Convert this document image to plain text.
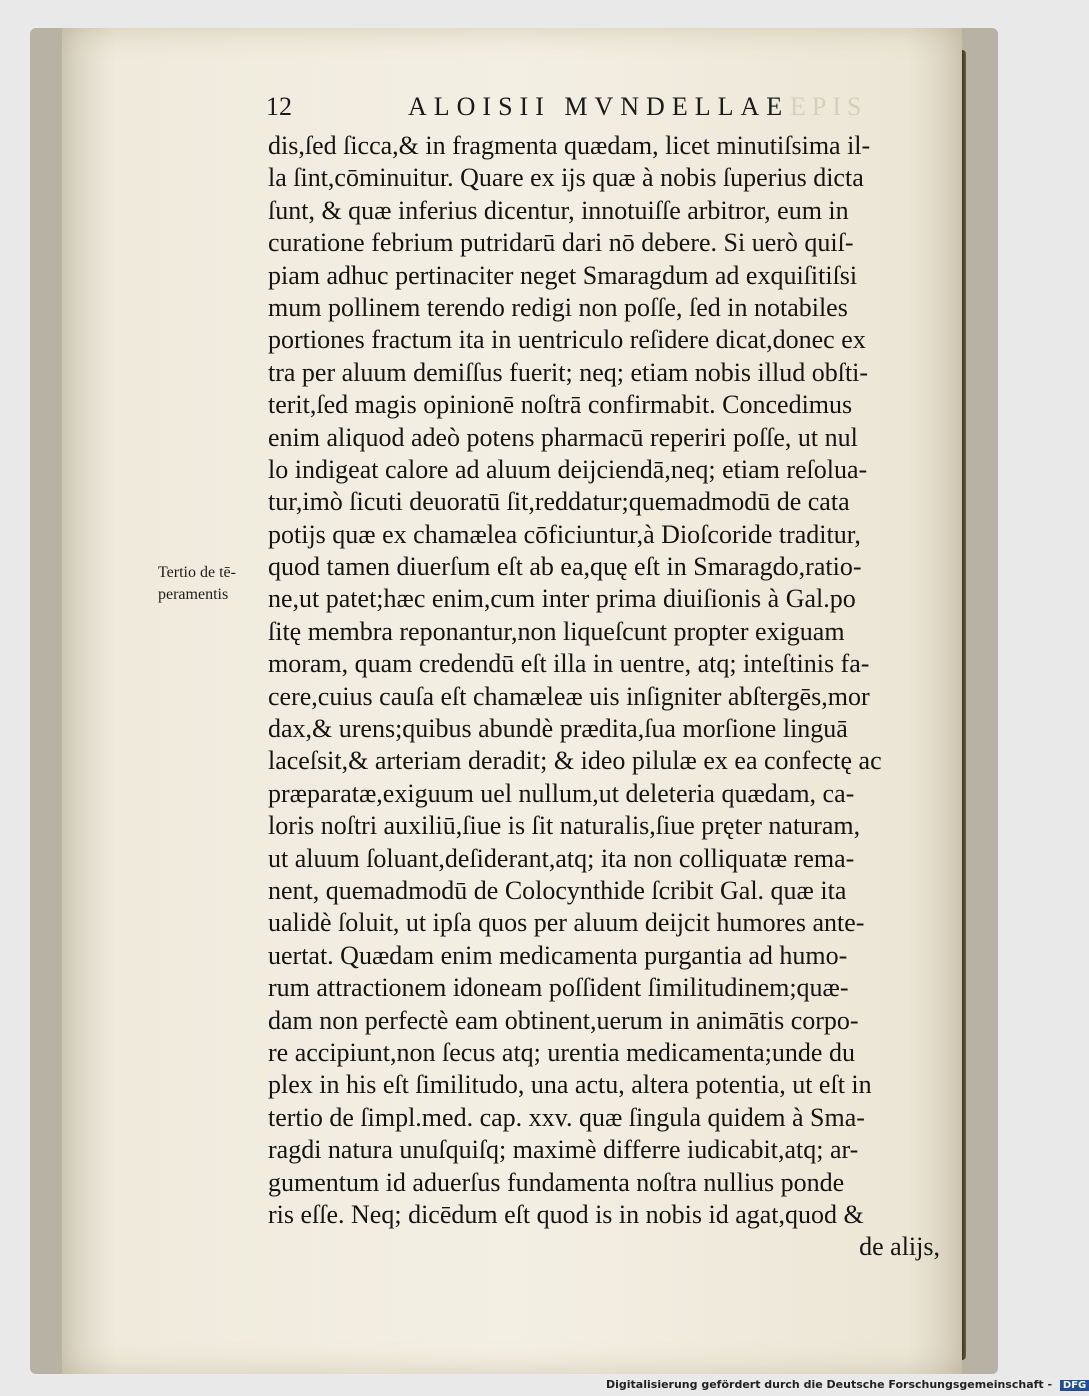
EPIS
12	ALOISII MVNDELLAE
Tertio de tē-
peramentis
dis,ſed ſicca,& in fragmenta quædam, licet minutiſsima il-
la ſint,cōminuitur. Quare ex ijs quæ à nobis ſuperius dicta
ſunt, & quæ inferius dicentur, innotuiſſe arbitror, eum in
curatione febrium putridarū dari nō debere. Si uerò quiſ-
piam adhuc pertinaciter neget Smaragdum ad exquiſitiſsi
mum pollinem terendo redigi non poſſe, ſed in notabiles
portiones fractum ita in uentriculo reſidere dicat,donec ex
tra per aluum demiſſus fuerit; neq; etiam nobis illud obſti-
terit,ſed magis opinionē noſtrā confirmabit. Concedimus
enim aliquod adeò potens pharmacū reperiri poſſe, ut nul
lo indigeat calore ad aluum deijciendā,neq; etiam reſolua-
tur,imò ſicuti deuoratū ſit,reddatur;quemadmodū de cata
potijs quæ ex chamælea cōficiuntur,à Dioſcoride traditur,
quod tamen diuerſum eſt ab ea,quę eſt in Smaragdo,ratio-
ne,ut patet;hæc enim,cum inter prima diuiſionis à Gal.po
ſitę membra reponantur,non liqueſcunt propter exiguam
moram, quam credendū eſt illa in uentre, atq; inteſtinis fa-
cere,cuius cauſa eſt chamæleæ uis inſigniter abſtergēs,mor
dax,& urens;quibus abundè prædita,ſua morſione linguā
laceſsit,& arteriam deradit; & ideo pilulæ ex ea confectę ac
præparatæ,exiguum uel nullum,ut deleteria quædam, ca-
loris noſtri auxiliū,ſiue is ſit naturalis,ſiue pręter naturam,
ut aluum ſoluant,deſiderant,atq; ita non colliquatæ rema-
nent, quemadmodū de Colocynthide ſcribit Gal. quæ ita
ualidè ſoluit, ut ipſa quos per aluum deijcit humores ante-
uertat. Quædam enim medicamenta purgantia ad humo-
rum attractionem idoneam poſſident ſimilitudinem;quæ-
dam non perfectè eam obtinent,uerum in animātis corpo-
re accipiunt,non ſecus atq; urentia medicamenta;unde du
plex in his eſt ſimilitudo, una actu, altera potentia, ut eſt in
tertio de ſimpl.med. cap. xxv. quæ ſingula quidem à Sma-
ragdi natura unuſquiſq; maximè differre iudicabit,atq; ar-
gumentum id aduerſus fundamenta noſtra nullius ponde
ris eſſe. Neq; dicēdum eſt quod is in nobis id agat,quod &
de alijs,
Digitalisierung gefördert durch die Deutsche Forschungsgemeinschaft - DFG
